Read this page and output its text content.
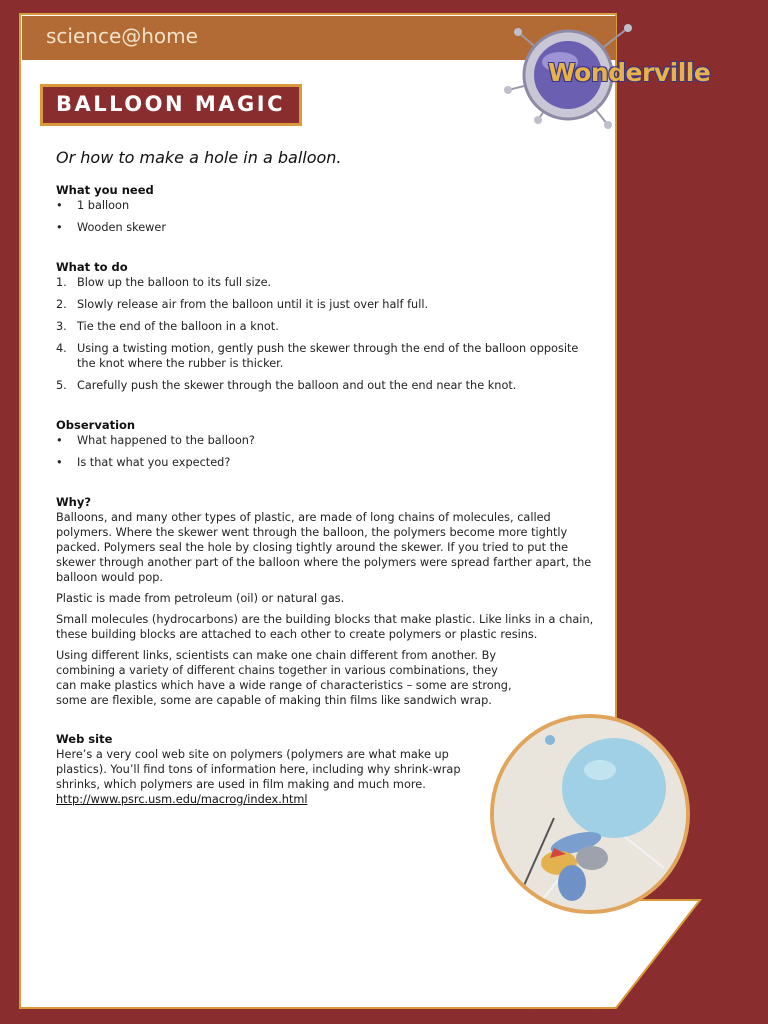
science@home
Wonderville
BALLOON MAGIC
Or how to make a hole in a balloon.
What you need
• 1 balloon
• Wooden skewer
What to do
1. Blow up the balloon to its full size.
2. Slowly release air from the balloon until it is just over half full.
3. Tie the end of the balloon in a knot.
4. Using a twisting motion, gently push the skewer through the end of the balloon opposite the knot where the rubber is thicker.
5. Carefully push the skewer through the balloon and out the end near the knot.
Observation
• What happened to the balloon?
• Is that what you expected?
Why?

Balloons, and many other types of plastic, are made of long chains of molecules, called polymers. Where the skewer went through the balloon, the polymers become more tightly packed. Polymers seal the hole by closing tightly around the skewer. If you tried to put the skewer through another part of the balloon where the polymers were spread farther apart, the balloon would pop.

Plastic is made from petroleum (oil) or natural gas.

Small molecules (hydrocarbons) are the building blocks that make plastic. Like links in a chain, these building blocks are attached to each other to create polymers or plastic resins.

Using different links, scientists can make one chain different from another. By combining a variety of different chains together in various combinations, they can make plastics which have a wide range of characteristics – some are strong, some are flexible, some are capable of making thin films like sandwich wrap.

Web site
Here’s a very cool web site on polymers (polymers are what make up plastics). You’ll find tons of information here, including why shrink-wrap shrinks, which polymers are used in film making and much more.
http://www.psrc.usm.edu/macrog/index.html
